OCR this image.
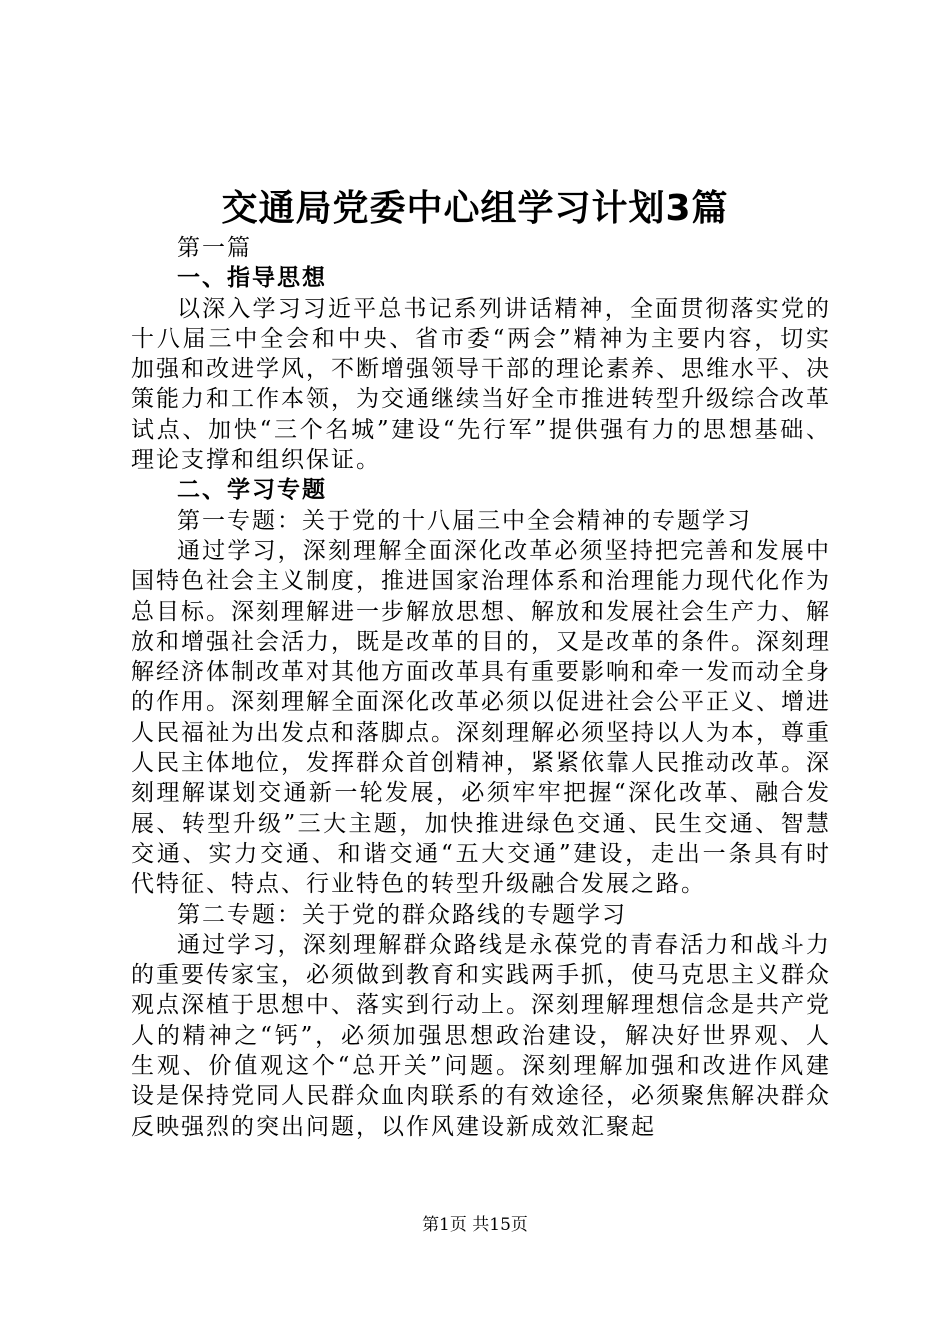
交通局党委中心组学习计划3篇

第一篇

一、指导思想

以深入学习习近平总书记系列讲话精神，全面贯彻落实党的十八届三中全会和中央、省市委“两会”精神为主要内容，切实加强和改进学风，不断增强领导干部的理论素养、思维水平、决策能力和工作本领，为交通继续当好全市推进转型升级综合改革试点、加快“三个名城”建设“先行军”提供强有力的思想基础、理论支撑和组织保证。

二、学习专题

第一专题：关于党的十八届三中全会精神的专题学习

通过学习，深刻理解全面深化改革必须坚持把完善和发展中国特色社会主义制度，推进国家治理体系和治理能力现代化作为总目标。深刻理解进一步解放思想、解放和发展社会生产力、解放和增强社会活力，既是改革的目的，又是改革的条件。深刻理解经济体制改革对其他方面改革具有重要影响和牵一发而动全身的作用。深刻理解全面深化改革必须以促进社会公平正义、增进人民福祉为出发点和落脚点。深刻理解必须坚持以人为本，尊重人民主体地位，发挥群众首创精神，紧紧依靠人民推动改革。深刻理解谋划交通新一轮发展，必须牢牢把握“深化改革、融合发展、转型升级”三大主题，加快推进绿色交通、民生交通、智慧交通、实力交通、和谐交通“五大交通”建设，走出一条具有时代特征、特点、行业特色的转型升级融合发展之路。

第二专题：关于党的群众路线的专题学习

通过学习，深刻理解群众路线是永葆党的青春活力和战斗力的重要传家宝，必须做到教育和实践两手抓，使马克思主义群众观点深植于思想中、落实到行动上。深刻理解理想信念是共产党人的精神之“钙”，必须加强思想政治建设，解决好世界观、人生观、价值观这个“总开关”问题。深刻理解加强和改进作风建设是保持党同人民群众血肉联系的有效途径，必须聚焦解决群众反映强烈的突出问题，以作风建设新成效汇聚起

第1页 共15页
